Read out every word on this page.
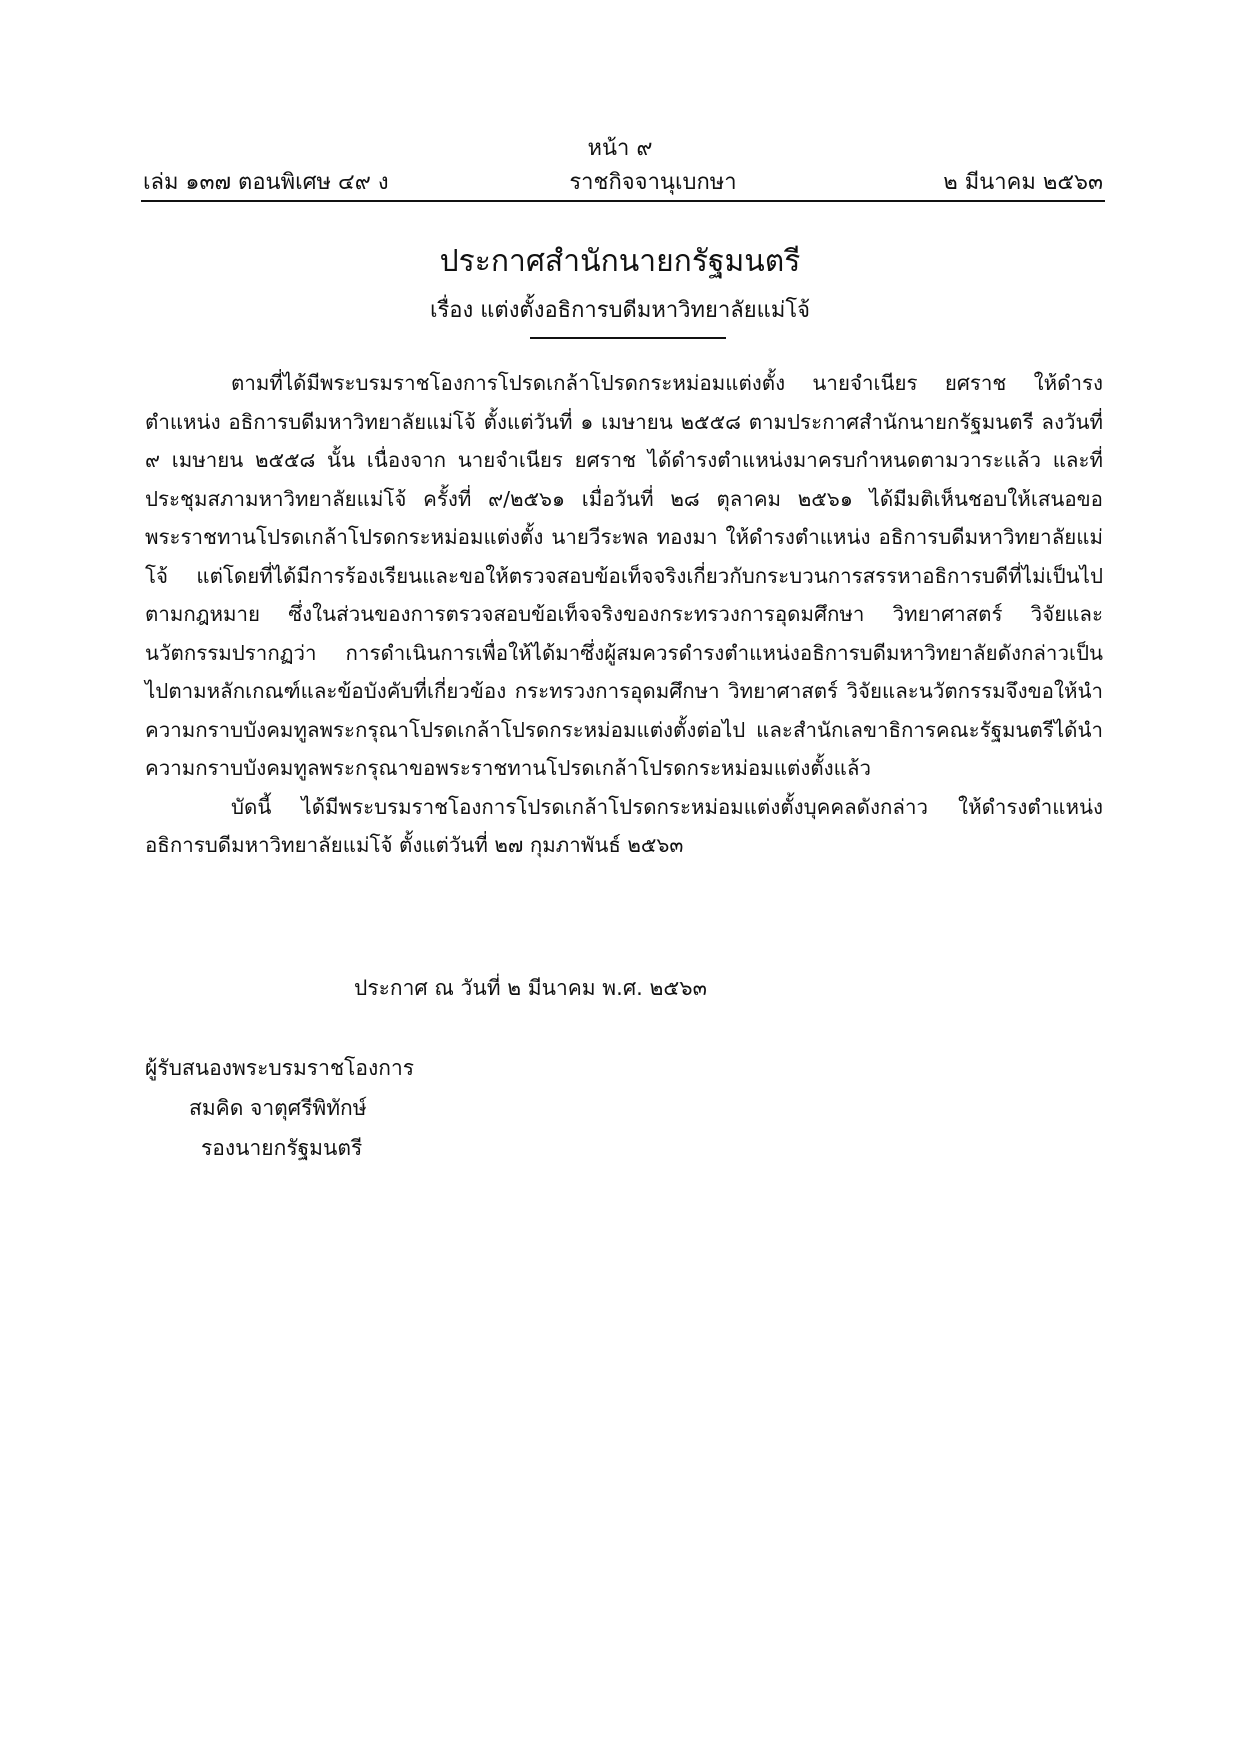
หน้า ๙
เล่ม ๑๓๗ ตอนพิเศษ ๔๙ ง	ราชกิจจานุเบกษา	๒ มีนาคม ๒๕๖๓
ประกาศสำนักนายกรัฐมนตรี
เรื่อง แต่งตั้งอธิการบดีมหาวิทยาลัยแม่โจ้

ตามที่ได้มีพระบรมราชโองการโปรดเกล้าโปรดกระหม่อมแต่งตั้ง นายจำเนียร ยศราช ให้ดำรงตำแหน่ง อธิการบดีมหาวิทยาลัยแม่โจ้ ตั้งแต่วันที่ ๑ เมษายน ๒๕๕๘ ตามประกาศสำนักนายกรัฐมนตรี ลงวันที่ ๙ เมษายน ๒๕๕๘ นั้น เนื่องจาก นายจำเนียร ยศราช ได้ดำรงตำแหน่งมาครบกำหนดตามวาระแล้ว และที่ประชุมสภามหาวิทยาลัยแม่โจ้ ครั้งที่ ๙/๒๕๖๑ เมื่อวันที่ ๒๘ ตุลาคม ๒๕๖๑ ได้มีมติเห็นชอบให้เสนอขอพระราชทานโปรดเกล้าโปรดกระหม่อมแต่งตั้ง นายวีระพล ทองมา ให้ดำรงตำแหน่ง อธิการบดีมหาวิทยาลัยแม่โจ้ แต่โดยที่ได้มีการร้องเรียนและขอให้ตรวจสอบข้อเท็จจริงเกี่ยวกับกระบวนการสรรหาอธิการบดีที่ไม่เป็นไปตามกฎหมาย ซึ่งในส่วนของการตรวจสอบข้อเท็จจริงของกระทรวงการอุดมศึกษา วิทยาศาสตร์ วิจัยและนวัตกรรมปรากฏว่า การดำเนินการเพื่อให้ได้มาซึ่งผู้สมควรดำรงตำแหน่งอธิการบดีมหาวิทยาลัยดังกล่าวเป็นไปตามหลักเกณฑ์และข้อบังคับที่เกี่ยวข้อง กระทรวงการอุดมศึกษา วิทยาศาสตร์ วิจัยและนวัตกรรมจึงขอให้นำความกราบบังคมทูลพระกรุณาโปรดเกล้าโปรดกระหม่อมแต่งตั้งต่อไป และสำนักเลขาธิการคณะรัฐมนตรีได้นำความกราบบังคมทูลพระกรุณาขอพระราชทานโปรดเกล้าโปรดกระหม่อมแต่งตั้งแล้ว

บัดนี้ ได้มีพระบรมราชโองการโปรดเกล้าโปรดกระหม่อมแต่งตั้งบุคคลดังกล่าว ให้ดำรงตำแหน่งอธิการบดีมหาวิทยาลัยแม่โจ้ ตั้งแต่วันที่ ๒๗ กุมภาพันธ์ ๒๕๖๓

ประกาศ ณ วันที่ ๒ มีนาคม พ.ศ. ๒๕๖๓
ผู้รับสนองพระบรมราชโองการ
สมคิด จาตุศรีพิทักษ์
รองนายกรัฐมนตรี
